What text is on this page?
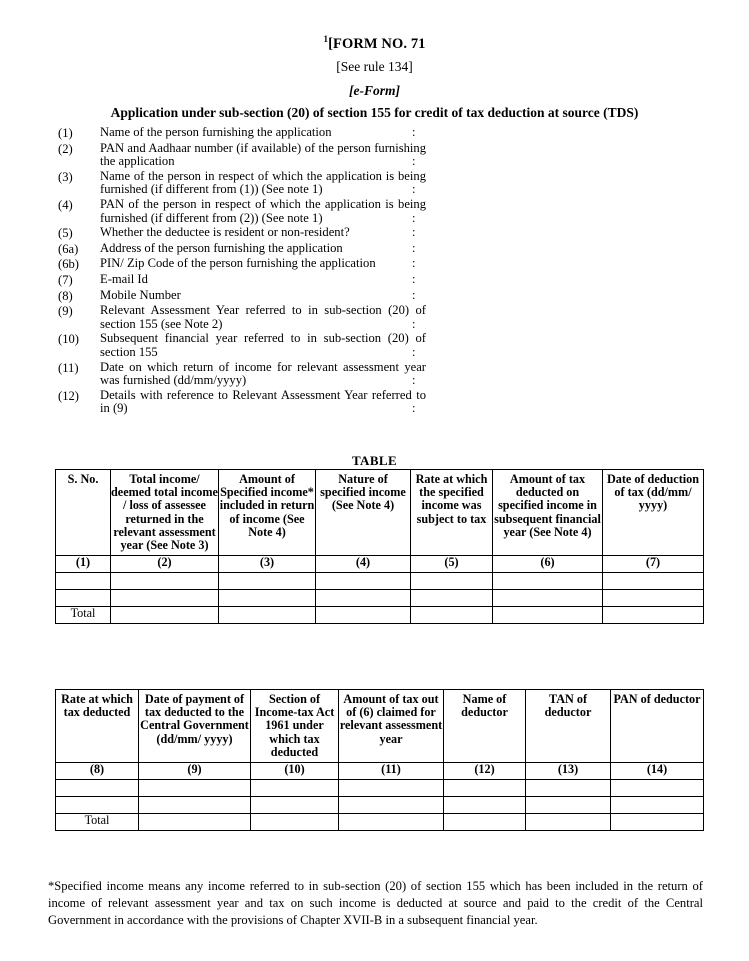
$^1$[FORM NO. 71
[See rule 134]
[e-Form]
Application under sub-section (20) of section 155 for credit of tax deduction at source (TDS)
(1)	Name of the person furnishing the application	:
(2)	PAN and Aadhaar number (if available) of the person furnishing the application	:
(3)	Name of the person in respect of which the application is being furnished (if different from (1)) (See note 1)	:
(4)	PAN of the person in respect of which the application is being furnished (if different from (2)) (See note 1)	:
(5)	Whether the deductee is resident or non-resident?	:
(6a)	Address of the person furnishing the application	:
(6b)	PIN/ Zip Code of the person furnishing the application	:
(7)	E-mail Id	:
(8)	Mobile Number	:
(9)	Relevant Assessment Year referred to in sub-section (20) of section 155 (see Note 2)	:
(10)	Subsequent financial year referred to in sub-section (20) of section 155	:
(11)	Date on which return of income for relevant assessment year was furnished (dd/mm/yyyy)	:
(12)	Details with reference to Relevant Assessment Year referred to in (9)	:
TABLE
S. No.	Total income/ deemed total income / loss of assessee returned in the relevant assessment year (See Note 3)	Amount of Specified income* included in return of income (See Note 4)	Nature of specified income (See Note 4)	Rate at which the specified income was subject to tax	Amount of tax deducted on specified income in subsequent financial year (See Note 4)	Date of deduction of tax (dd/mm/ yyyy)
(1)	(2)	(3)	(4)	(5)	(6)	(7)

Total						
Rate at which tax deducted	Date of payment of tax deducted to the Central Government (dd/mm/ yyyy)	Section of Income-tax Act 1961 under which tax deducted	Amount of tax out of (6) claimed for relevant assessment year	Name of deductor	TAN of deductor	PAN of deductor
(8)	(9)	(10)	(11)	(12)	(13)	(14)

Total						
*Specified income means any income referred to in sub-section (20) of section 155 which has been included in the return of income of relevant assessment year and tax on such income is deducted at source and paid to the credit of the Central Government in accordance with the provisions of Chapter XVII-B in a subsequent financial year.
